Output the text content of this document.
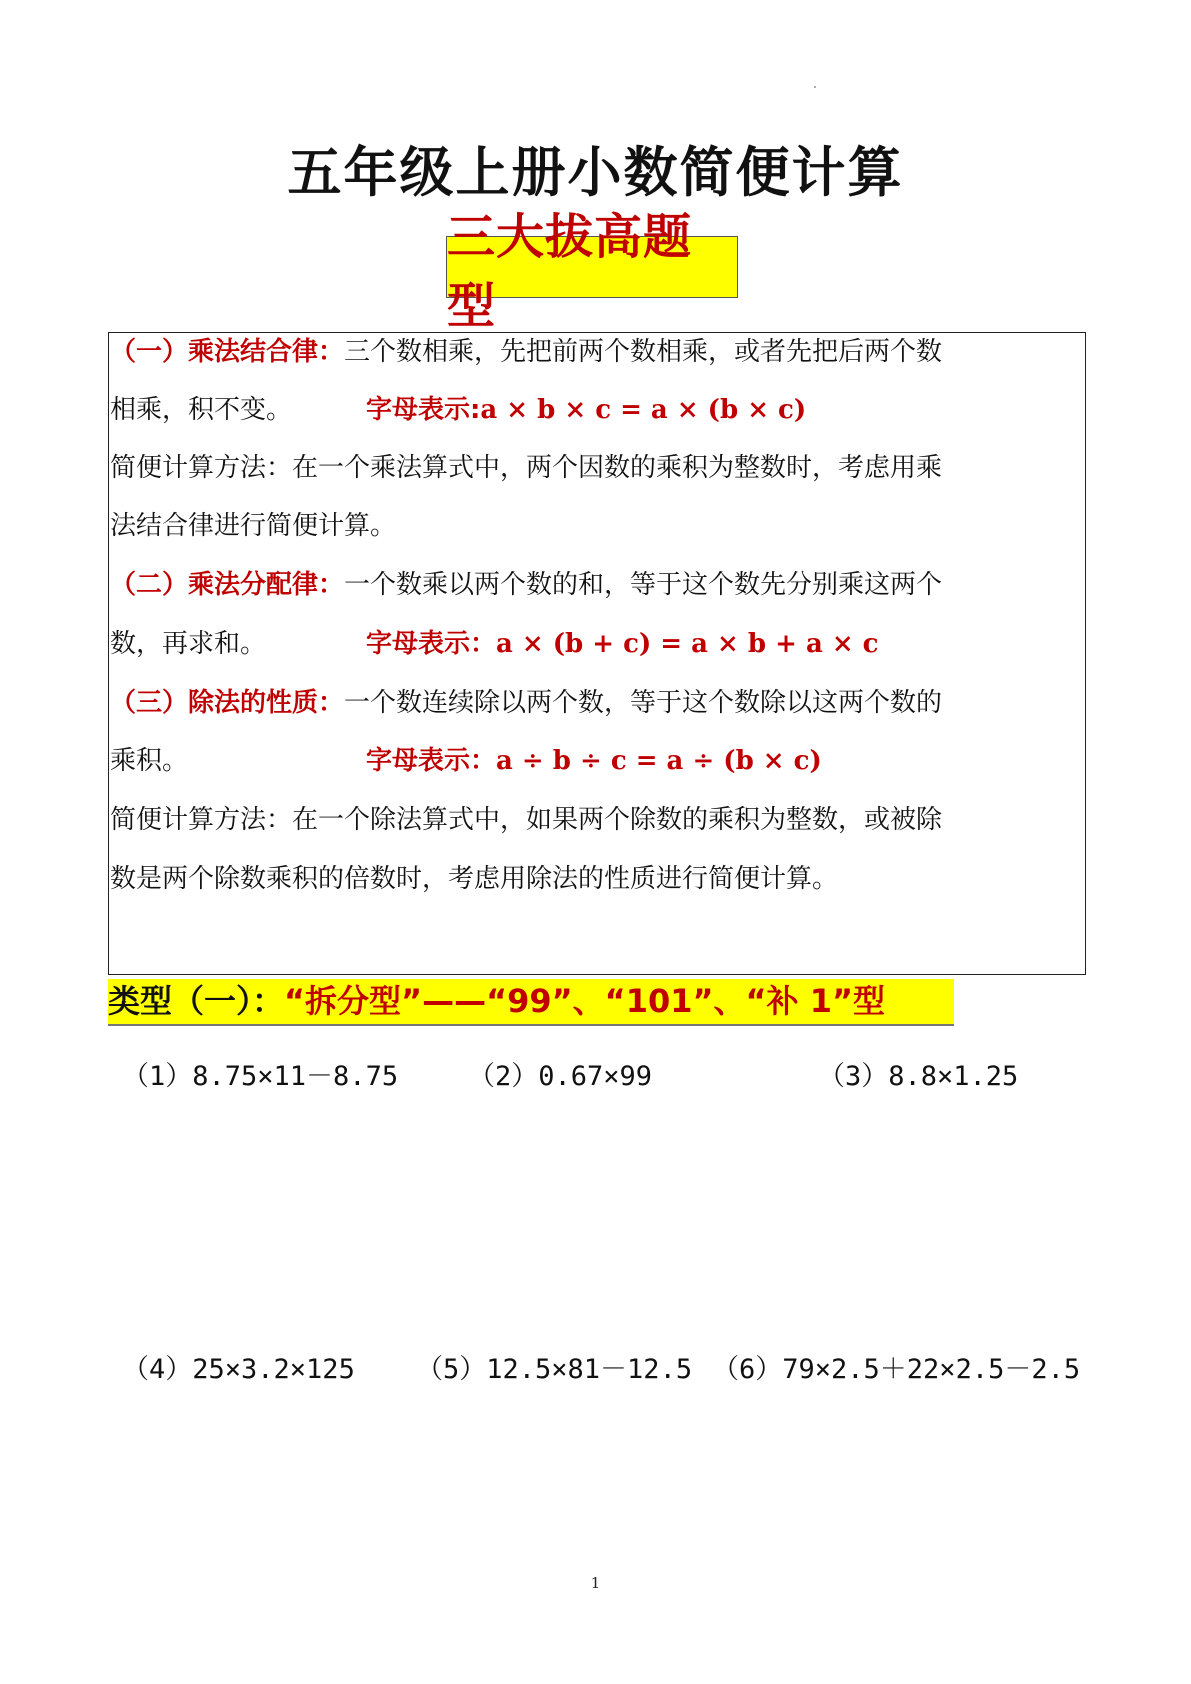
五年级上册小数简便计算
三大拔高题型
（一）乘法结合律：三个数相乘，先把前两个数相乘，或者先把后两个数
相乘，积不变。	字母表示:a × b × c = a × (b × c)
简便计算方法：在一个乘法算式中，两个因数的乘积为整数时，考虑用乘
法结合律进行简便计算。
（二）乘法分配律：一个数乘以两个数的和，等于这个数先分别乘这两个
数，再求和。	字母表示：a × (b + c) = a × b + a × c
（三）除法的性质：一个数连续除以两个数，等于这个数除以这两个数的
乘积。	字母表示：a ÷ b ÷ c = a ÷ (b × c)
简便计算方法：在一个除法算式中，如果两个除数的乘积为整数，或被除
数是两个除数乘积的倍数时，考虑用除法的性质进行简便计算。
类型（一）：“拆分型”——“99”、“101”、“补 1”型
（1）8.75×11－8.75	（2）0.67×99	（3）8.8×1.25
（4）25×3.2×125 （5）12.5×81－12.5 （6）79×2.5＋22×2.5－2.5
1
